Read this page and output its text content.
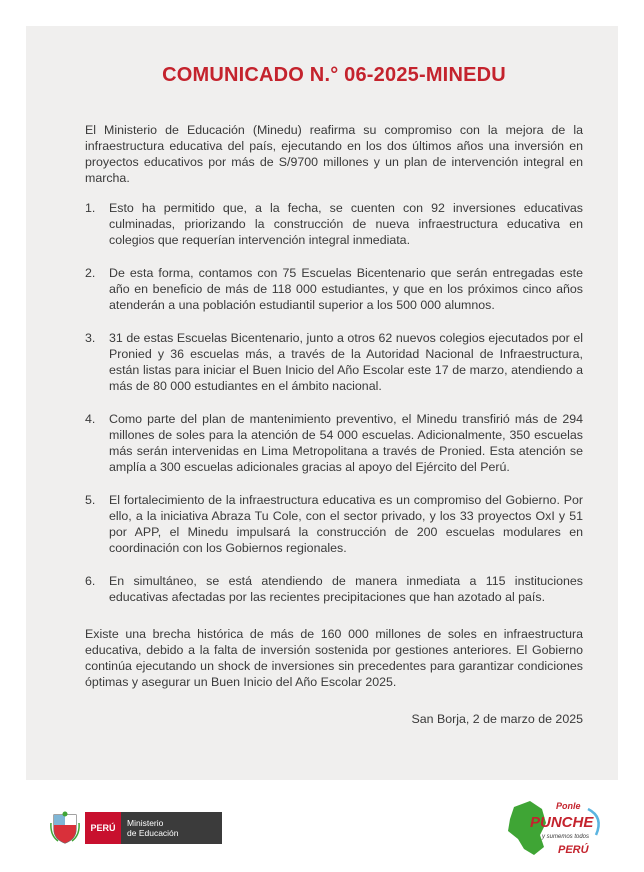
COMUNICADO N.° 06-2025-MINEDU

El Ministerio de Educación (Minedu) reafirma su compromiso con la mejora de la infraestructura educativa del país, ejecutando en los dos últimos años una inversión en proyectos educativos por más de S/9700 millones y un plan de intervención integral en marcha.

1. Esto ha permitido que, a la fecha, se cuenten con 92 inversiones educativas culminadas, priorizando la construcción de nueva infraestructura educativa en colegios que requerían intervención integral inmediata.
2. De esta forma, contamos con 75 Escuelas Bicentenario que serán entregadas este año en beneficio de más de 118 000 estudiantes, y que en los próximos cinco años atenderán a una población estudiantil superior a los 500 000 alumnos.
3. 31 de estas Escuelas Bicentenario, junto a otros 62 nuevos colegios ejecutados por el Pronied y 36 escuelas más, a través de la Autoridad Nacional de Infraestructura, están listas para iniciar el Buen Inicio del Año Escolar este 17 de marzo, atendiendo a más de 80 000 estudiantes en el ámbito nacional.
4. Como parte del plan de mantenimiento preventivo, el Minedu transfirió más de 294 millones de soles para la atención de 54 000 escuelas. Adicionalmente, 350 escuelas más serán intervenidas en Lima Metropolitana a través de Pronied. Esta atención se amplía a 300 escuelas adicionales gracias al apoyo del Ejército del Perú.
5. El fortalecimiento de la infraestructura educativa es un compromiso del Gobierno. Por ello, a la iniciativa Abraza Tu Cole, con el sector privado, y los 33 proyectos OxI y 51 por APP, el Minedu impulsará la construcción de 200 escuelas modulares en coordinación con los Gobiernos regionales.
6. En simultáneo, se está atendiendo de manera inmediata a 115 instituciones educativas afectadas por las recientes precipitaciones que han azotado al país.

Existe una brecha histórica de más de 160 000 millones de soles en infraestructura educativa, debido a la falta de inversión sostenida por gestiones anteriores. El Gobierno continúa ejecutando un shock de inversiones sin precedentes para garantizar condiciones óptimas y asegurar un Buen Inicio del Año Escolar 2025.

San Borja, 2 de marzo de 2025

PERÚ Ministerio
de Educación
Ponle
PUNCHE
y sumemos todos
PERÚ
